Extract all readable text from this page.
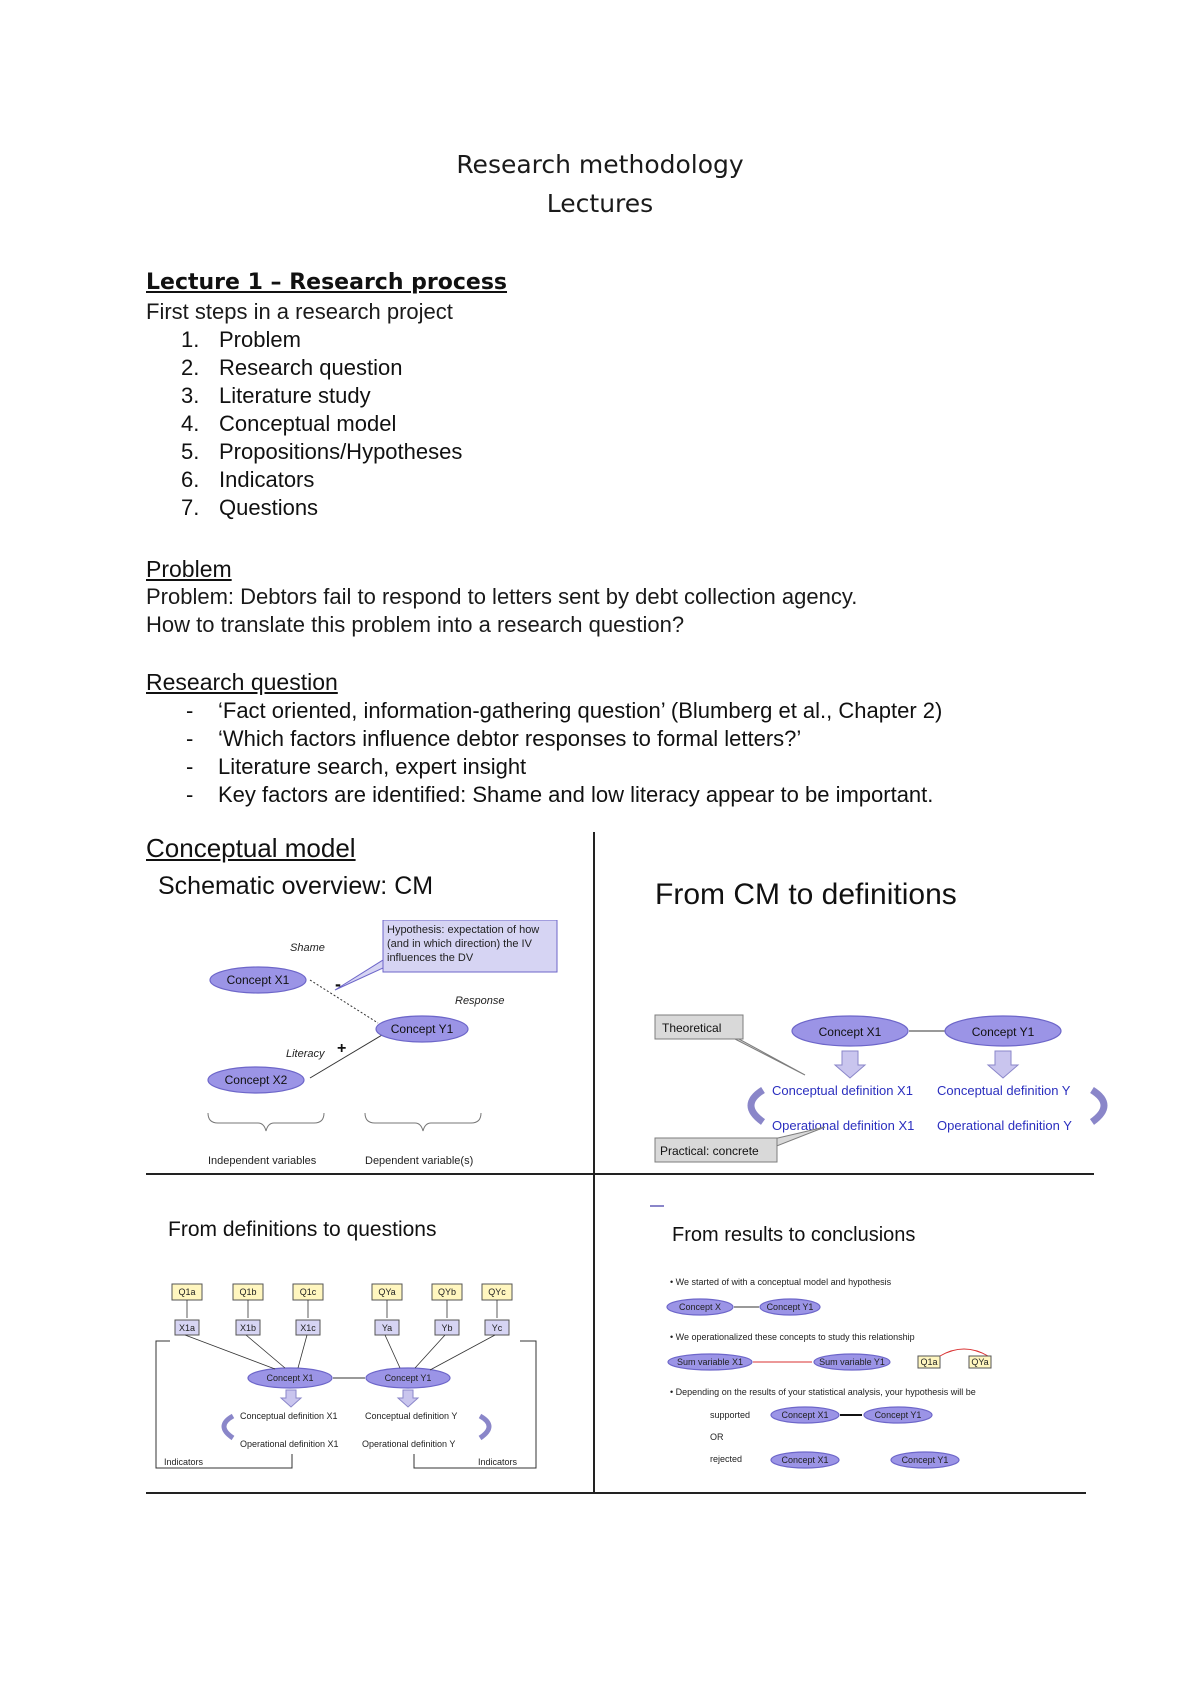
Research methodology
Lectures
Lecture 1 – Research process
First steps in a research project
1. Problem
2. Research question
3. Literature study
4. Conceptual model
5. Propositions/Hypotheses
6. Indicators
7. Questions
Problem
Problem: Debtors fail to respond to letters sent by debt collection agency.
How to translate this problem into a research question?
Research question
- ‘Fact oriented, information-gathering question’ (Blumberg et al., Chapter 2)
- ‘Which factors influence debtor responses to formal letters?’
- Literature search, expert insight
- Key factors are identified: Shame and low literacy appear to be important.
Conceptual model
Schematic overview: CM
Hypothesis: expectation of how
(and in which direction) the IV
influences the DV
Shame
Response
Literacy
-
+
Concept X1
Concept Y1
Concept X2
Independent variables	Dependent variable(s)
From CM to definitions
Theoretical	Concept X1	Concept Y1
Conceptual definition X1 Conceptual definition Y
Operational definition X1 Operational definition Y
Practical: concrete
From definitions to questions
Q1a	Q1b	Q1c	QYa	QYb	QYc
X1a	X1b	X1c	Ya	Yb	Yc
Concept X1	Concept Y1
Conceptual definition X1	Conceptual definition Y
Operational definition X1	Operational definition Y
Indicators	Indicators
From results to conclusions
• We started of with a conceptual model and hypothesis
Concept X	Concept Y1
• We operationalized these concepts to study this relationship
Sum variable X1	Sum variable Y1	Q1a	QYa
• Depending on the results of your statistical analysis, your hypothesis will be
supported	Concept X1	Concept Y1
OR
rejected	Concept X1	Concept Y1
